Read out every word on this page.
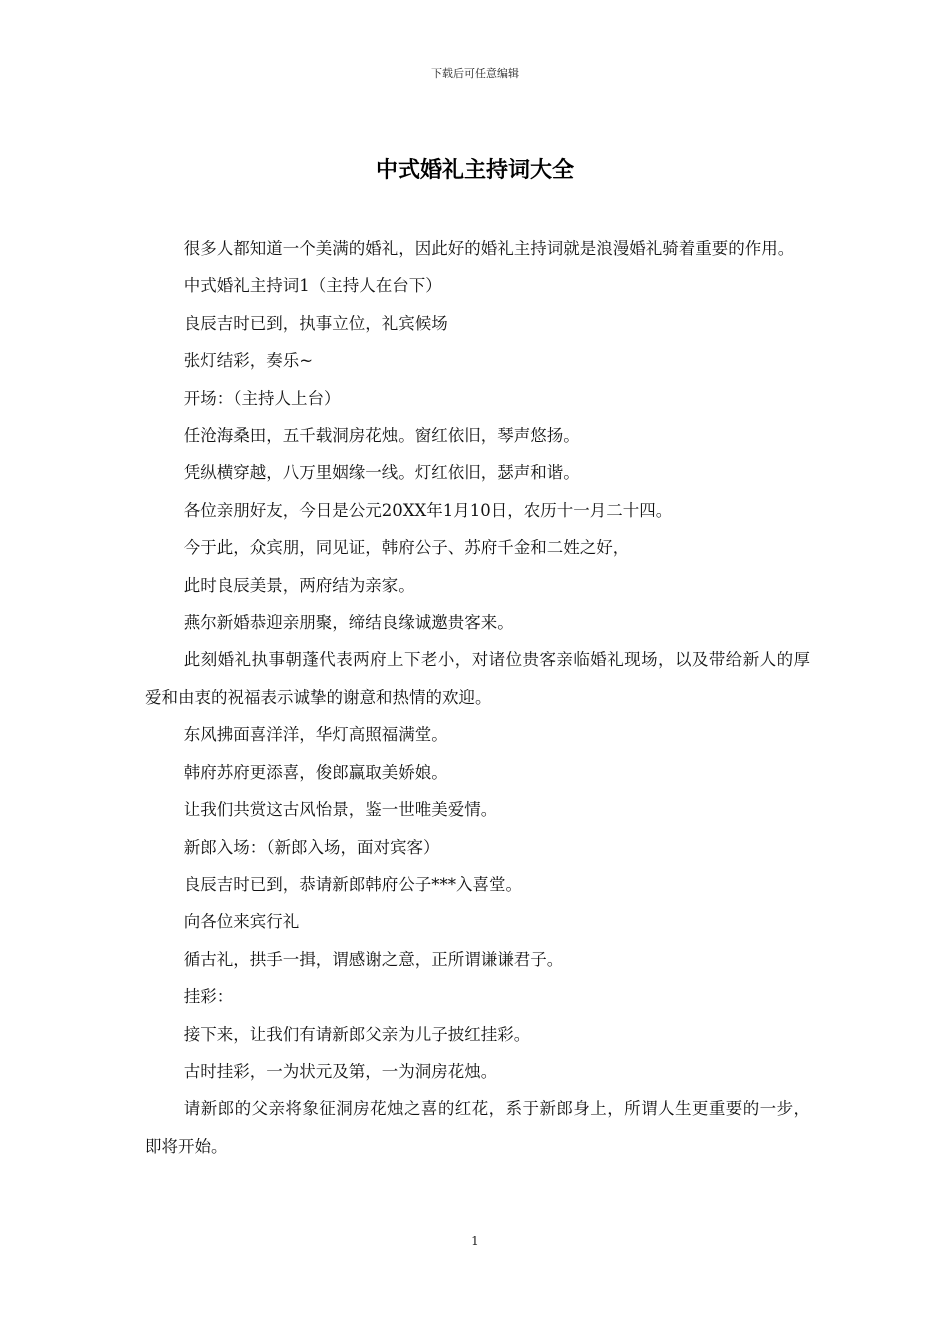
下载后可任意编辑
中式婚礼主持词大全

很多人都知道一个美满的婚礼，因此好的婚礼主持词就是浪漫婚礼骑着重要的作用。

中式婚礼主持词1（主持人在台下）

良辰吉时已到，执事立位，礼宾候场

张灯结彩，奏乐~

开场：（主持人上台）

任沧海桑田，五千载洞房花烛。窗红依旧，琴声悠扬。

凭纵横穿越，八万里姻缘一线。灯红依旧，瑟声和谐。

各位亲朋好友，今日是公元20XX年1月10日，农历十一月二十四。

今于此，众宾朋，同见证，韩府公子、苏府千金和二姓之好，

此时良辰美景，两府结为亲家。

燕尔新婚恭迎亲朋聚，缔结良缘诚邀贵客来。

此刻婚礼执事朝蓬代表两府上下老小，对诸位贵客亲临婚礼现场，以及带给新人的厚爱和由衷的祝福表示诚挚的谢意和热情的欢迎。

东风拂面喜洋洋，华灯高照福满堂。

韩府苏府更添喜，俊郎赢取美娇娘。

让我们共赏这古风怡景，鉴一世唯美爱情。

新郎入场：（新郎入场，面对宾客）

良辰吉时已到，恭请新郎韩府公子***入喜堂。

向各位来宾行礼

循古礼，拱手一揖，谓感谢之意，正所谓谦谦君子。

挂彩：

接下来，让我们有请新郎父亲为儿子披红挂彩。

古时挂彩，一为状元及第，一为洞房花烛。

请新郎的父亲将象征洞房花烛之喜的红花，系于新郎身上，所谓人生更重要的一步，即将开始。

1
